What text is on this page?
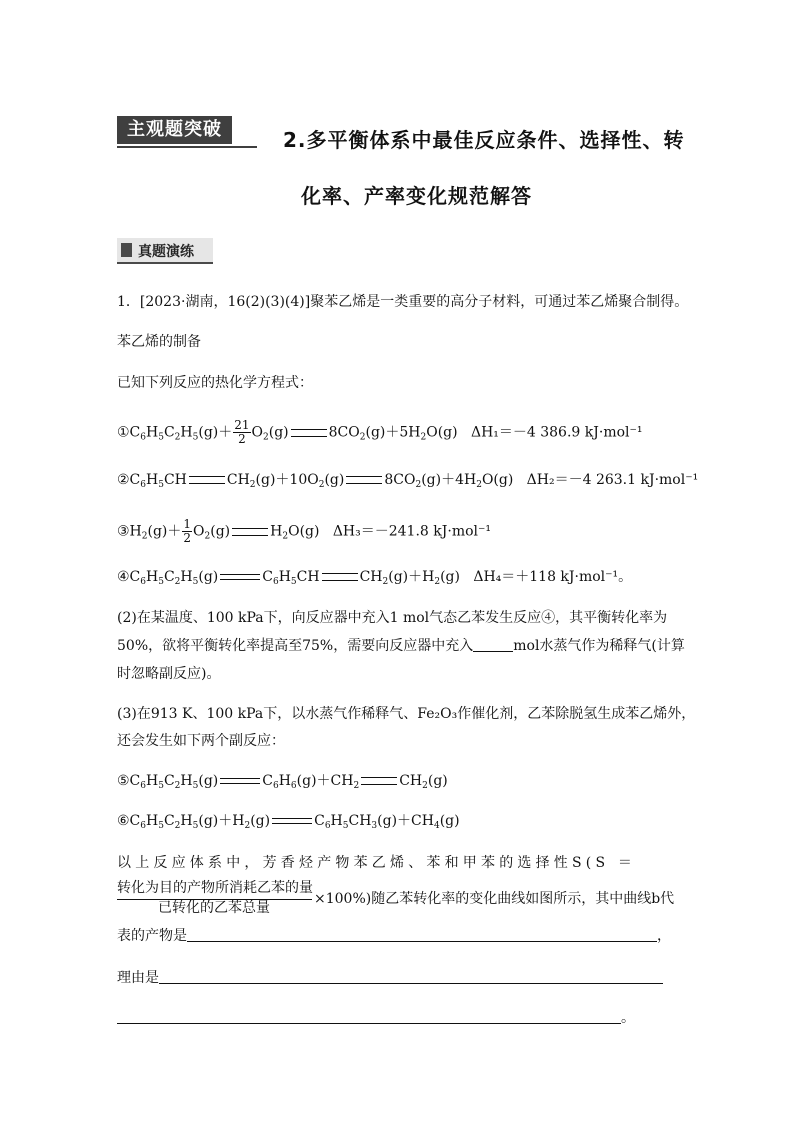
主观题突破	2.多平衡体系中最佳反应条件、选择性、转
化率、产率变化规范解答
真题演练
1．[2023·湖南，16(2)(3)(4)]聚苯乙烯是一类重要的高分子材料，可通过苯乙烯聚合制得。
苯乙烯的制备
已知下列反应的热化学方程式：
$①C_6H_5C_2H_5(g)+ \frac{21}{2} O_2(g)$	$8CO_2(g)+5H_2O(g)$   ΔH₁＝－4 386.9 kJ·mol⁻¹
$②C_6H_5CH$	$CH_2(g)+10O_2(g)$	$8CO_2(g)+4H_2O(g)$   ΔH₂＝－4 263.1 kJ·mol⁻¹
$③H_2(g)+ \frac{1}{2} O_2(g)$	$H_2O(g)$   ΔH₃＝－241.8 kJ·mol⁻¹
$④C_6H_5C_2H_5(g)$	$C_6H_5CH$	$CH_2(g)+H_2(g)$   ΔH₄＝＋118 kJ·mol⁻¹。
(2)在某温度、100 kPa下，向反应器中充入1 mol气态乙苯发生反应④，其平衡转化率为
50%，欲将平衡转化率提高至75%，需要向反应器中充入	mol水蒸气作为稀释气(计算
时忽略副反应)。
(3)在913 K、100 kPa下，以水蒸气作稀释气、Fe₂O₃作催化剂，乙苯除脱氢生成苯乙烯外，
还会发生如下两个副反应：
$⑤C_6H_5C_2H_5(g)$	$C_6H_6(g)+CH_2$	$CH_2(g)$
$⑥C_6H_5C_2H_5(g)+H_2(g)$	$C_6H_5CH_3(g)+CH_4(g)$
以上反应体系中，芳香烃产物苯乙烯、苯和甲苯的选择性S(S ＝
转化为目的产物所消耗乙苯的量
已转化的乙苯总量
×100%)随乙苯转化率的变化曲线如图所示，其中曲线b代
表的产物是	，
理由是
。
